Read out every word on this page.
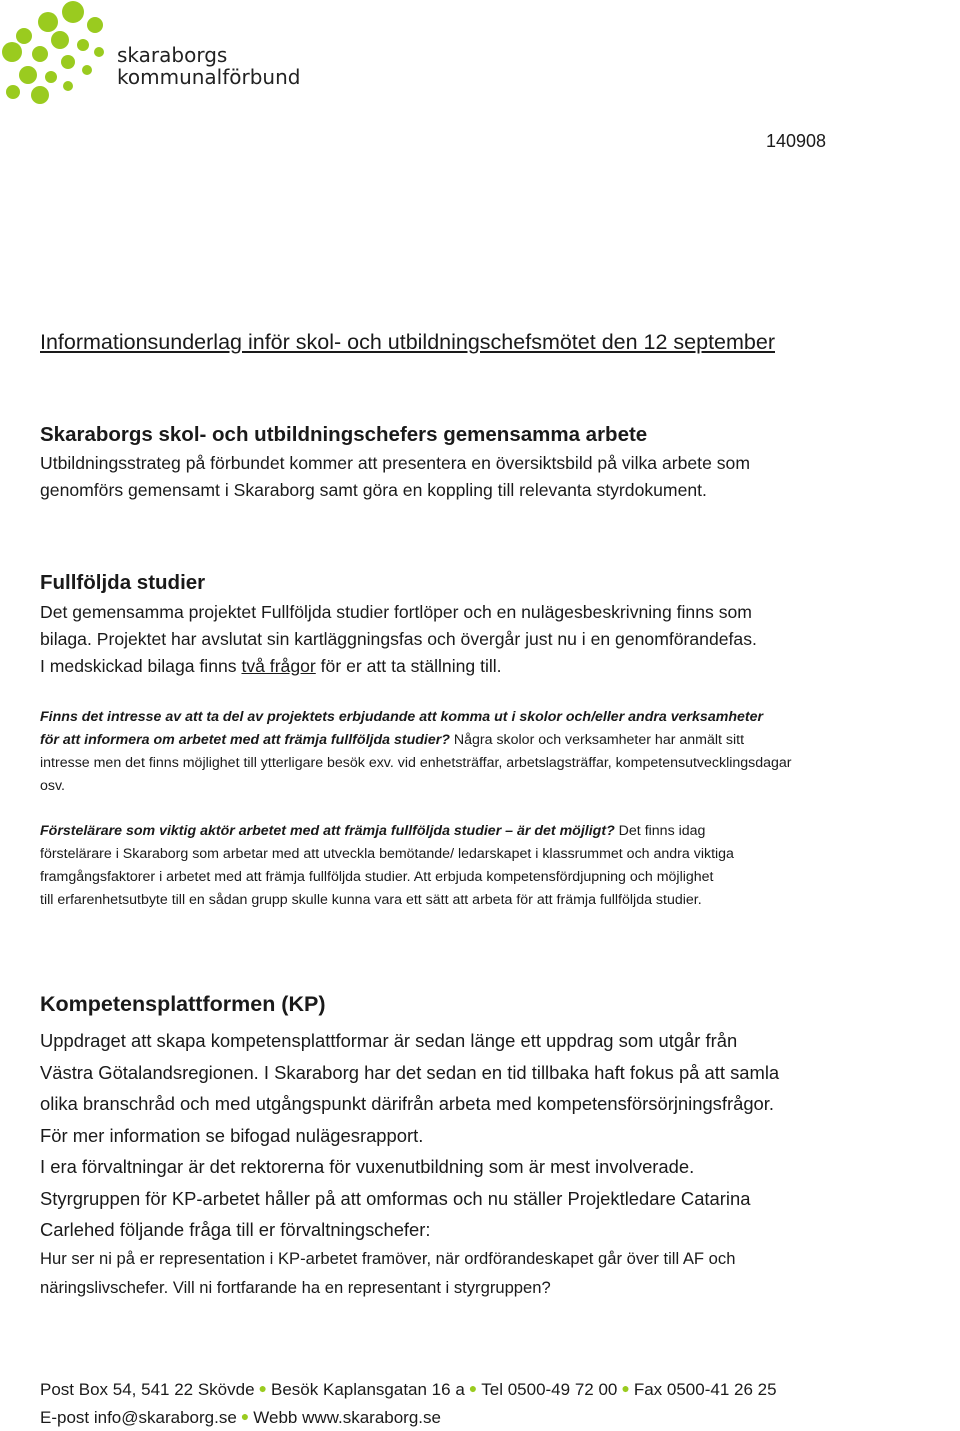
skaraborgs
kommunalförbund
140908
Informationsunderlag inför skol- och utbildningschefsmötet den 12 september
Skaraborgs skol- och utbildningschefers gemensamma arbete
Utbildningsstrateg på förbundet kommer att presentera en översiktsbild på vilka arbete som
genomförs gemensamt i Skaraborg samt göra en koppling till relevanta styrdokument.
Fullföljda studier
Det gemensamma projektet Fullföljda studier fortlöper och en nulägesbeskrivning finns som
bilaga. Projektet har avslutat sin kartläggningsfas och övergår just nu i en genomförandefas.
I medskickad bilaga finns två frågor för er att ta ställning till.
Finns det intresse av att ta del av projektets erbjudande att komma ut i skolor och/eller andra verksamheter
för att informera om arbetet med att främja fullföljda studier? Några skolor och verksamheter har anmält sitt
intresse men det finns möjlighet till ytterligare besök exv. vid enhetsträffar, arbetslagsträffar, kompetensutvecklingsdagar
osv.
Förstelärare som viktig aktör arbetet med att främja fullföljda studier – är det möjligt? Det finns idag
förstelärare i Skaraborg som arbetar med att utveckla bemötande/ ledarskapet i klassrummet och andra viktiga
framgångsfaktorer i arbetet med att främja fullföljda studier. Att erbjuda kompetensfördjupning och möjlighet
till erfarenhetsutbyte till en sådan grupp skulle kunna vara ett sätt att arbeta för att främja fullföljda studier.
Kompetensplattformen (KP)
Uppdraget att skapa kompetensplattformar är sedan länge ett uppdrag som utgår från
Västra Götalandsregionen. I Skaraborg har det sedan en tid tillbaka haft fokus på att samla
olika branschråd och med utgångspunkt därifrån arbeta med kompetensförsörjningsfrågor.
För mer information se bifogad nulägesrapport.
I era förvaltningar är det rektorerna för vuxenutbildning som är mest involverade.
Styrgruppen för KP-arbetet håller på att omformas och nu ställer Projektledare Catarina
Carlehed följande fråga till er förvaltningschefer:
Hur ser ni på er representation i KP-arbetet framöver, när ordförandeskapet går över till AF och
näringslivschefer. Vill ni fortfarande ha en representant i styrgruppen?
Post Box 54, 541 22 Skövde ● Besök Kaplansgatan 16 a ● Tel 0500-49 72 00 ● Fax 0500-41 26 25
E-post info@skaraborg.se ● Webb www.skaraborg.se
